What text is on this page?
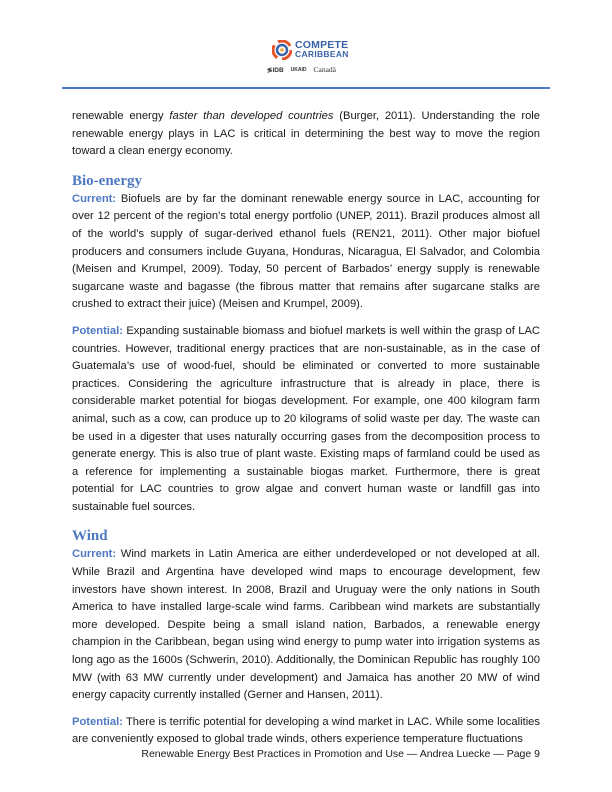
COMPETE
CARIBBEAN
≶IDB UKAID Canadä

renewable energy faster than developed countries (Burger, 2011). Understanding the role renewable energy plays in LAC is critical in determining the best way to move the region toward a clean energy economy.

Bio-energy

Current: Biofuels are by far the dominant renewable energy source in LAC, accounting for over 12 percent of the region’s total energy portfolio (UNEP, 2011). Brazil produces almost all of the world’s supply of sugar-derived ethanol fuels (REN21, 2011). Other major biofuel producers and consumers include Guyana, Honduras, Nicaragua, El Salvador, and Colombia (Meisen and Krumpel, 2009). Today, 50 percent of Barbados’ energy supply is renewable sugarcane waste and bagasse (the fibrous matter that remains after sugarcane stalks are crushed to extract their juice) (Meisen and Krumpel, 2009).

Potential: Expanding sustainable biomass and biofuel markets is well within the grasp of LAC countries. However, traditional energy practices that are non-sustainable, as in the case of Guatemala’s use of wood-fuel, should be eliminated or converted to more sustainable practices. Considering the agriculture infrastructure that is already in place, there is considerable market potential for biogas development. For example, one 400 kilogram farm animal, such as a cow, can produce up to 20 kilograms of solid waste per day. The waste can be used in a digester that uses naturally occurring gases from the decomposition process to generate energy. This is also true of plant waste. Existing maps of farmland could be used as a reference for implementing a sustainable biogas market. Furthermore, there is great potential for LAC countries to grow algae and convert human waste or landfill gas into sustainable fuel sources.

Wind

Current: Wind markets in Latin America are either underdeveloped or not developed at all. While Brazil and Argentina have developed wind maps to encourage development, few investors have shown interest. In 2008, Brazil and Uruguay were the only nations in South America to have installed large-scale wind farms. Caribbean wind markets are substantially more developed. Despite being a small island nation, Barbados, a renewable energy champion in the Caribbean, began using wind energy to pump water into irrigation systems as long ago as the 1600s (Schwerin, 2010). Additionally, the Dominican Republic has roughly 100 MW (with 63 MW currently under development) and Jamaica has another 20 MW of wind energy capacity currently installed (Gerner and Hansen, 2011).

Potential: There is terrific potential for developing a wind market in LAC. While some localities are conveniently exposed to global trade winds, others experience temperature fluctuations

Renewable Energy Best Practices in Promotion and Use — Andrea Luecke — Page 9
